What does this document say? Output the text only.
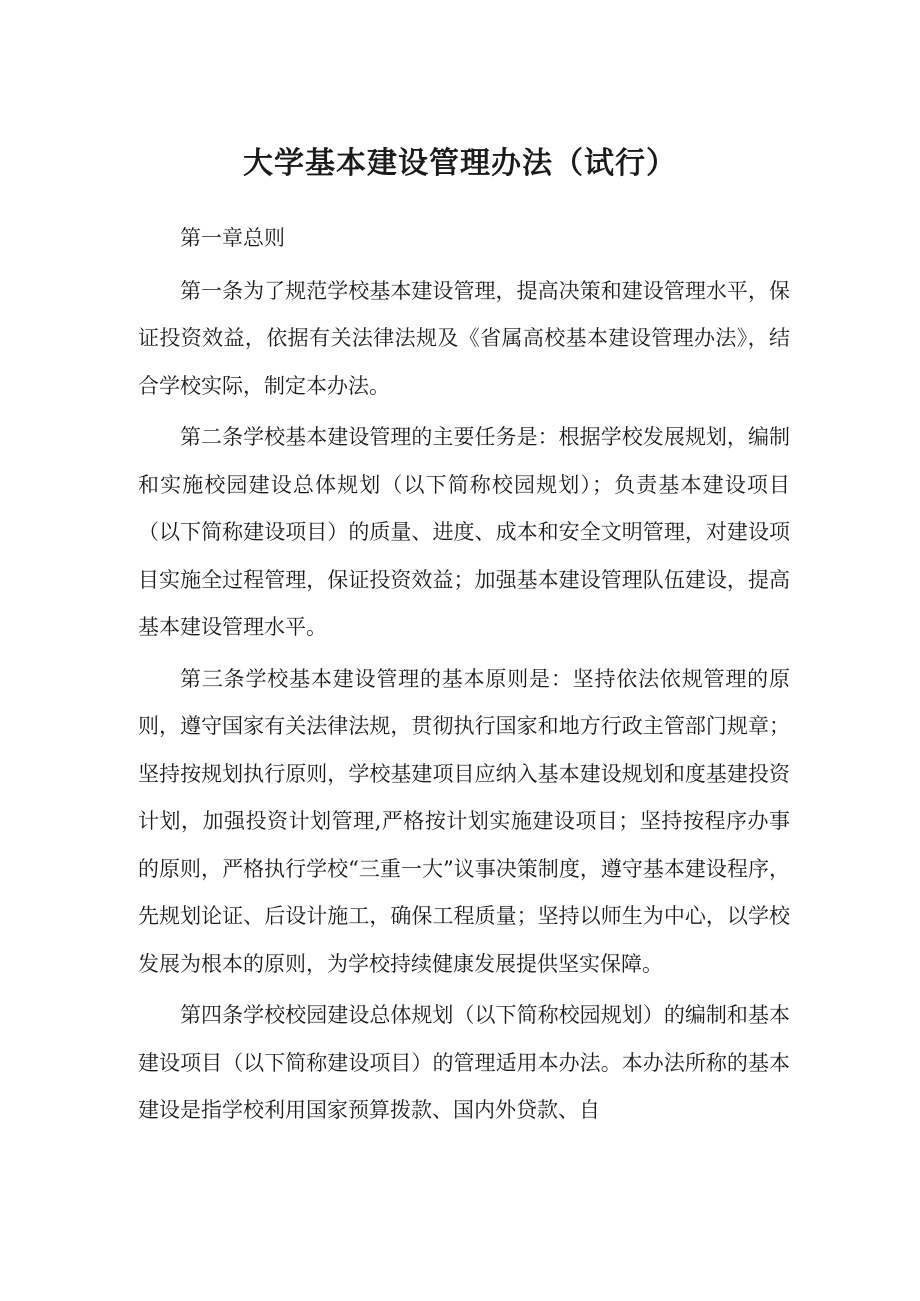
大学基本建设管理办法（试行）

第一章总则

第一条为了规范学校基本建设管理，提高决策和建设管理水平，保证投资效益，依据有关法律法规及《省属高校基本建设管理办法》，结合学校实际，制定本办法。

第二条学校基本建设管理的主要任务是：根据学校发展规划，编制和实施校园建设总体规划（以下简称校园规划）；负责基本建设项目（以下简称建设项目）的质量、进度、成本和安全文明管理，对建设项目实施全过程管理，保证投资效益；加强基本建设管理队伍建设，提高基本建设管理水平。

第三条学校基本建设管理的基本原则是：坚持依法依规管理的原则，遵守国家有关法律法规，贯彻执行国家和地方行政主管部门规章；坚持按规划执行原则，学校基建项目应纳入基本建设规划和度基建投资计划，加强投资计划管理,严格按计划实施建设项目；坚持按程序办事的原则，严格执行学校“三重一大”议事决策制度，遵守基本建设程序，先规划论证、后设计施工，确保工程质量；坚持以师生为中心，以学校发展为根本的原则，为学校持续健康发展提供坚实保障。

第四条学校校园建设总体规划（以下简称校园规划）的编制和基本建设项目（以下简称建设项目）的管理适用本办法。本办法所称的基本建设是指学校利用国家预算拨款、国内外贷款、自
